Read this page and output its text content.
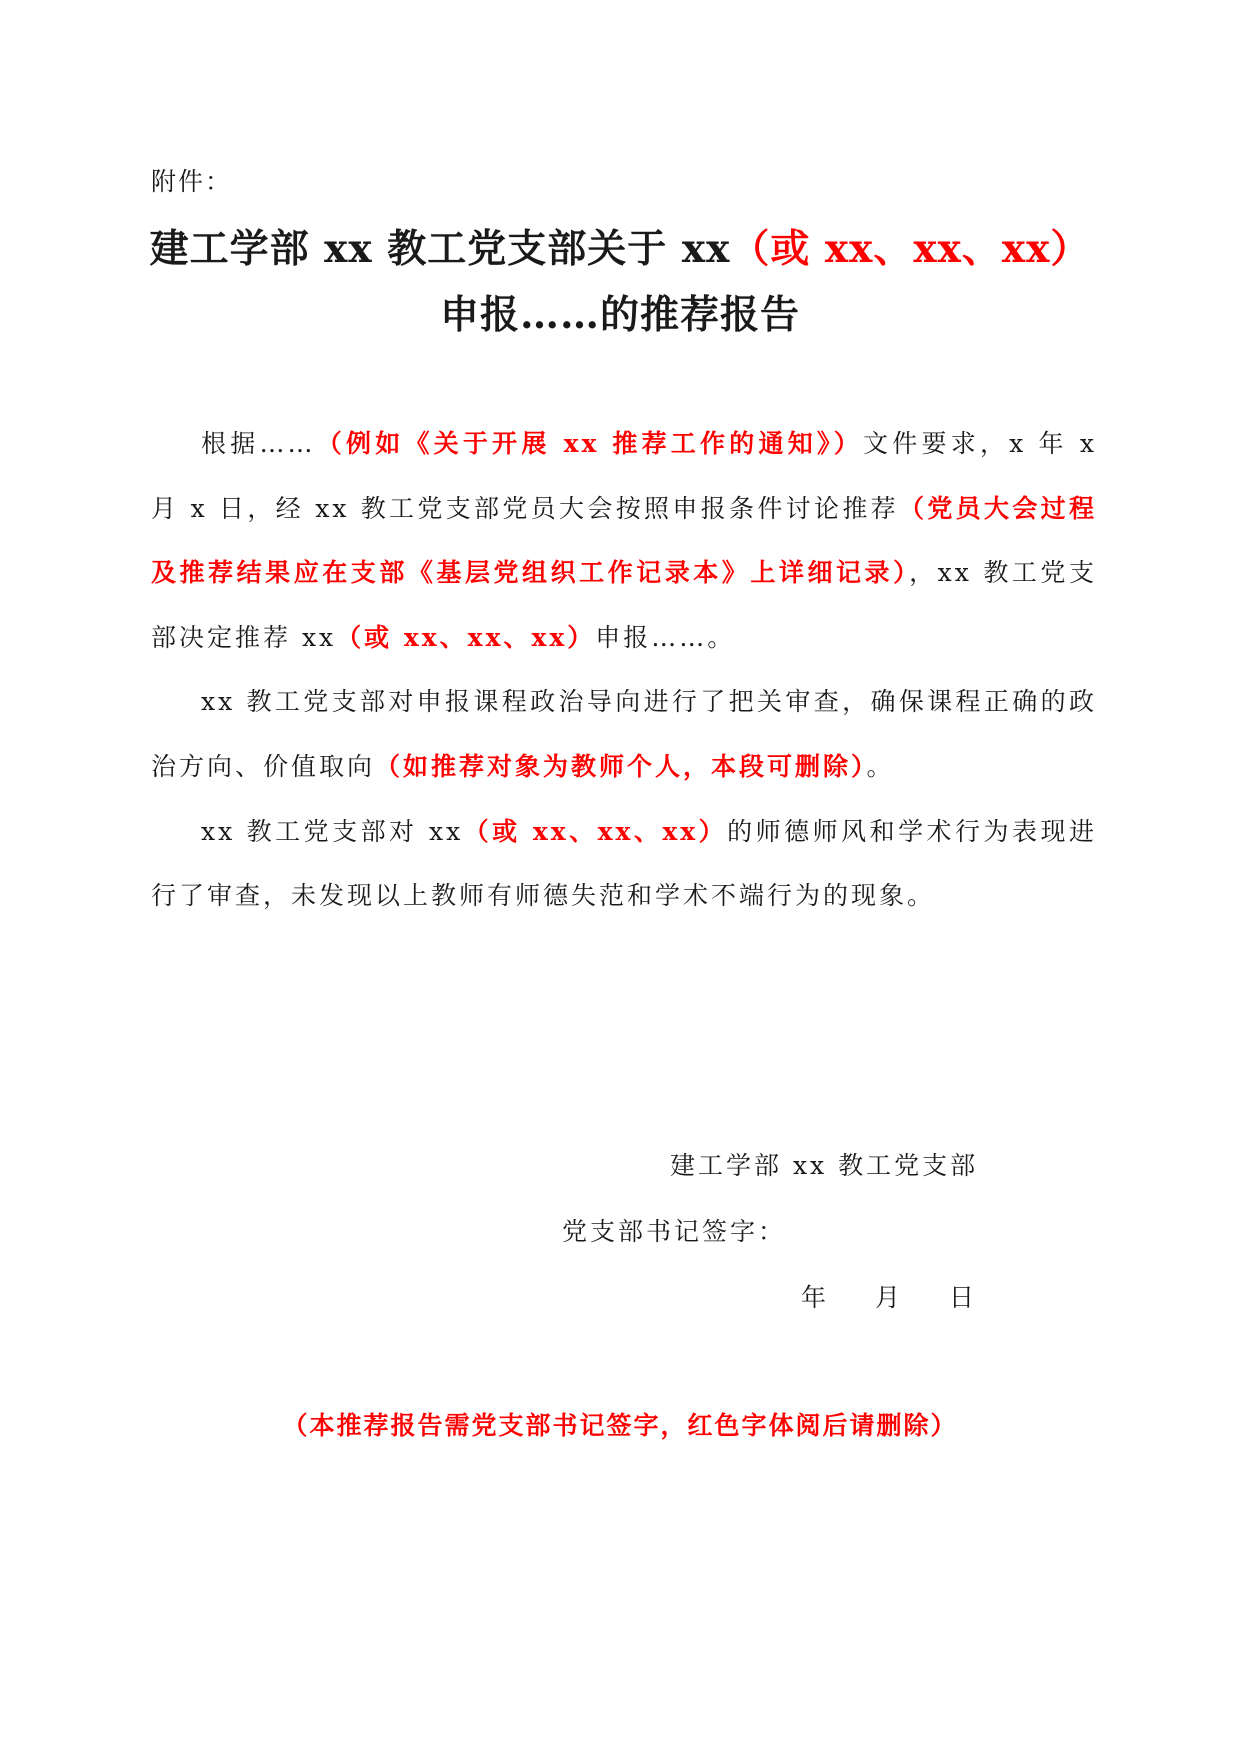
附件：
建工学部 xx 教工党支部关于 xx（或 xx、xx、xx）申报……的推荐报告

根据……（例如《关于开展 xx 推荐工作的通知》）文件要求，x 年 x 月 x 日，经 xx 教工党支部党员大会按照申报条件讨论推荐（党员大会过程及推荐结果应在支部《基层党组织工作记录本》上详细记录），xx 教工党支部决定推荐 xx（或 xx、xx、xx）申报……。

xx 教工党支部对申报课程政治导向进行了把关审查，确保课程正确的政治方向、价值取向（如推荐对象为教师个人，本段可删除）。

xx 教工党支部对 xx（或 xx、xx、xx）的师德师风和学术行为表现进行了审查，未发现以上教师有师德失范和学术不端行为的现象。

建工学部 xx 教工党支部
党支部书记签字：
年 月 日
（本推荐报告需党支部书记签字，红色字体阅后请删除）
